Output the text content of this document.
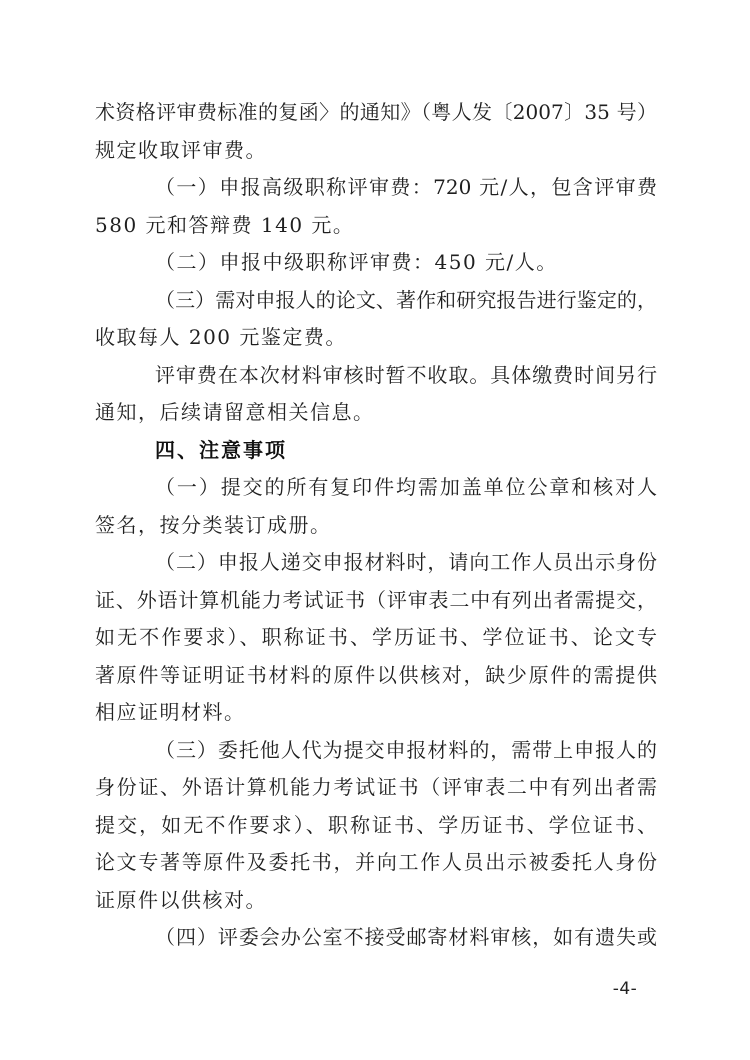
术资格评审费标准的复函〉的通知》（粤人发〔2007〕35 号）
规定收取评审费。
（一）申报高级职称评审费：720 元/人，包含评审费
580 元和答辩费 140 元。
（二）申报中级职称评审费：450 元/人。
（三）需对申报人的论文、著作和研究报告进行鉴定的，
收取每人 200 元鉴定费。
评审费在本次材料审核时暂不收取。具体缴费时间另行
通知，后续请留意相关信息。
四、注意事项
（一）提交的所有复印件均需加盖单位公章和核对人
签名，按分类装订成册。
（二）申报人递交申报材料时，请向工作人员出示身份
证、外语计算机能力考试证书（评审表二中有列出者需提交，
如无不作要求）、职称证书、学历证书、学位证书、论文专
著原件等证明证书材料的原件以供核对，缺少原件的需提供
相应证明材料。
（三）委托他人代为提交申报材料的，需带上申报人的
身份证、外语计算机能力考试证书（评审表二中有列出者需
提交，如无不作要求）、职称证书、学历证书、学位证书、
论文专著等原件及委托书，并向工作人员出示被委托人身份
证原件以供核对。
（四）评委会办公室不接受邮寄材料审核，如有遗失或
-4-
